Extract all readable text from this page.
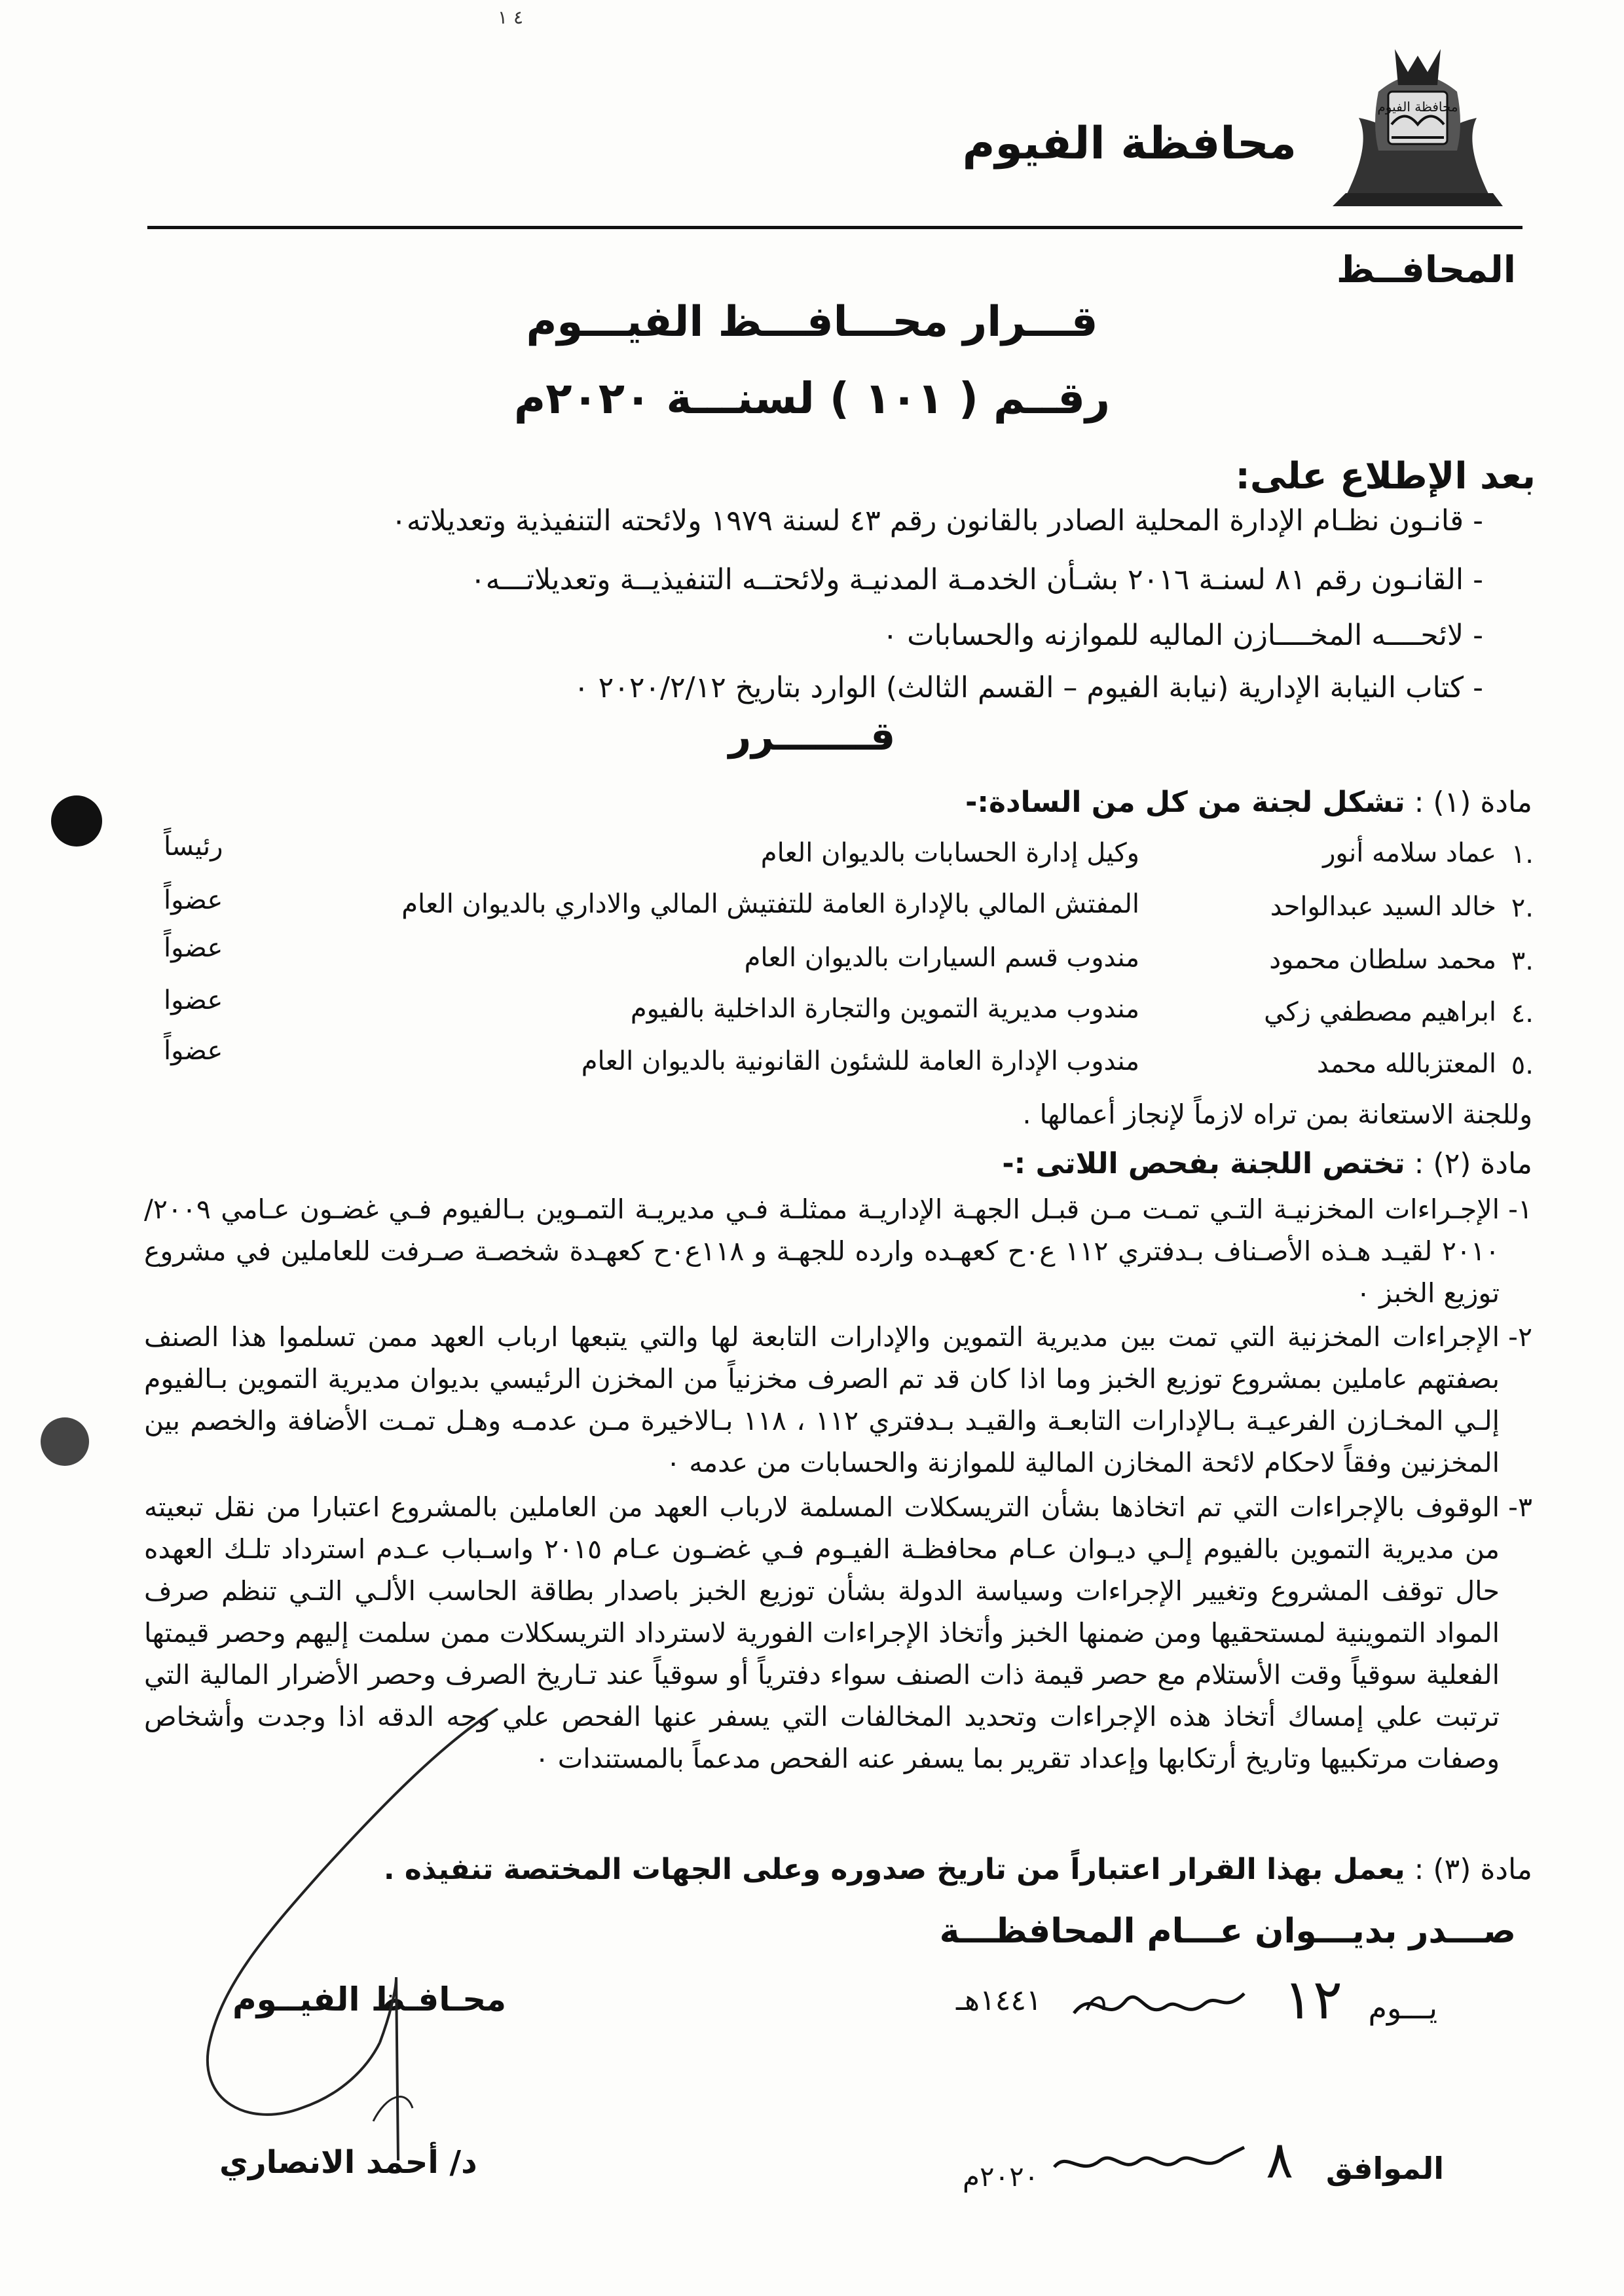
٤ ١
محافظة الفيوم
محافظة الفيوم
المحافــظ
قـــرار محـــافـــظ الفيـــوم
رقــم ( ١٠١ ) لسنـــة ٢٠٢٠م
بعد الإطلاع على:
- قانـون نظـام الإدارة المحلية الصادر بالقانون رقم ٤٣ لسنة ١٩٧٩ ولائحته التنفيذية وتعديلاته٠
- القانـون رقم ٨١ لسنـة ٢٠١٦ بشـأن الخدمـة المدنيـة ولائحتــه التنفيذيــة وتعديلاتـــه٠
- لائحــــه المخــــازن الماليه للموازنه والحسابات ٠
- كتاب النيابة الإدارية (نيابة الفيوم – القسم الثالث) الوارد بتاريخ ٢٠٢٠/٢/١٢ ٠
قـــــــرر
مادة (١) : تشكل لجنة من كل من السادة:-
عماد سلامه أنور ١.
وكيل إدارة الحسابات بالديوان العام
رئيساً
خالد السيد عبدالواحد ٢.
المفتش المالي بالإدارة العامة للتفتيش المالي والاداري بالديوان العام
عضواً
محمد سلطان محمود ٣.
مندوب قسم السيارات بالديوان العام
عضواً
ابراهيم مصطفي زكي ٤.
مندوب مديرية التموين والتجارة الداخلية بالفيوم
عضوا
المعتزبالله محمد ٥.
مندوب الإدارة العامة للشئون القانونية بالديوان العام
عضواً
وللجنة الاستعانة بمن تراه لازماً لإنجاز أعمالها .
مادة (٢) : تختص اللجنة بفحص اللاتى :-
١-
الإجـراءات المخزنيـة التـي تمـت مـن قبـل الجهـة الإداريـة ممثلـة فـي مديريـة التمـوين بـالفيوم فـي غضـون عـامي ٢٠٠٩/ ٢٠١٠ لقيـد هـذه الأصـناف بـدفتري ١١٢ ع٠ح كعهـده وارده للجهـة و ١١٨ع٠ح كعهـدة شخصـة صـرفت للعاملين في مشروع توزيع الخبز ٠
٢-
الإجراءات المخزنية التي تمت بين مديرية التموين والإدارات التابعة لها والتي يتبعها ارباب العهد ممن تسلموا هذا الصنف بصفتهم عاملين بمشروع توزيع الخبز وما اذا كان قد تم الصرف مخزنياً من المخزن الرئيسي بديوان مديرية التموين بـالفيوم إلـي المخـازن الفرعيـة بـالإدارات التابعـة والقيـد بـدفتري ١١٢ ، ١١٨ بـالاخيرة مـن عدمـه وهـل تمـت الأضافة والخصم بين المخزنين وفقاً لاحكام لائحة المخازن المالية للموازنة والحسابات من عدمه ٠
٣-
الوقوف بالإجراءات التي تم اتخاذها بشأن التريسكلات المسلمة لارباب العهد من العاملين بالمشروع اعتبارا من نقل تبعيته من مديرية التموين بالفيوم إلـي ديـوان عـام محافظـة الفيـوم فـي غضـون عـام ٢٠١٥ واسـباب عـدم استرداد تلـك العهده حال توقف المشروع وتغيير الإجراءات وسياسة الدولة بشأن توزيع الخبز باصدار بطاقة الحاسب الألـي التـي تنظم صرف المواد التموينية لمستحقيها ومن ضمنها الخبز وأتخاذ الإجراءات الفورية لاسترداد التريسكلات ممن سلمت إليهم وحصر قيمتها الفعلية سوقياً وقت الأستلام مع حصر قيمة ذات الصنف سواء دفترياً أو سوقياً عند تـاريخ الصرف وحصر الأضرار المالية التي ترتبت علي إمساك أتخاذ هذه الإجراءات وتحديد المخالفات التي يسفر عنها الفحص علي وجه الدقه اذا وجدت وأشخاص وصفات مرتكبيها وتاريخ أرتكابها وإعداد تقرير بما يسفر عنه الفحص مدعماً بالمستندات ٠
مادة (٣) : يعمل بهذا القرار اعتباراً من تاريخ صدوره وعلى الجهات المختصة تنفيذه .
صـــدر بديـــوان عـــام المحافظـــة
محـافـظ الفيــوم
د/ أحمد الانصاري
يـــوم
١٢
١٤٤١هـ
الموافق
٨
٢٠٢٠م
